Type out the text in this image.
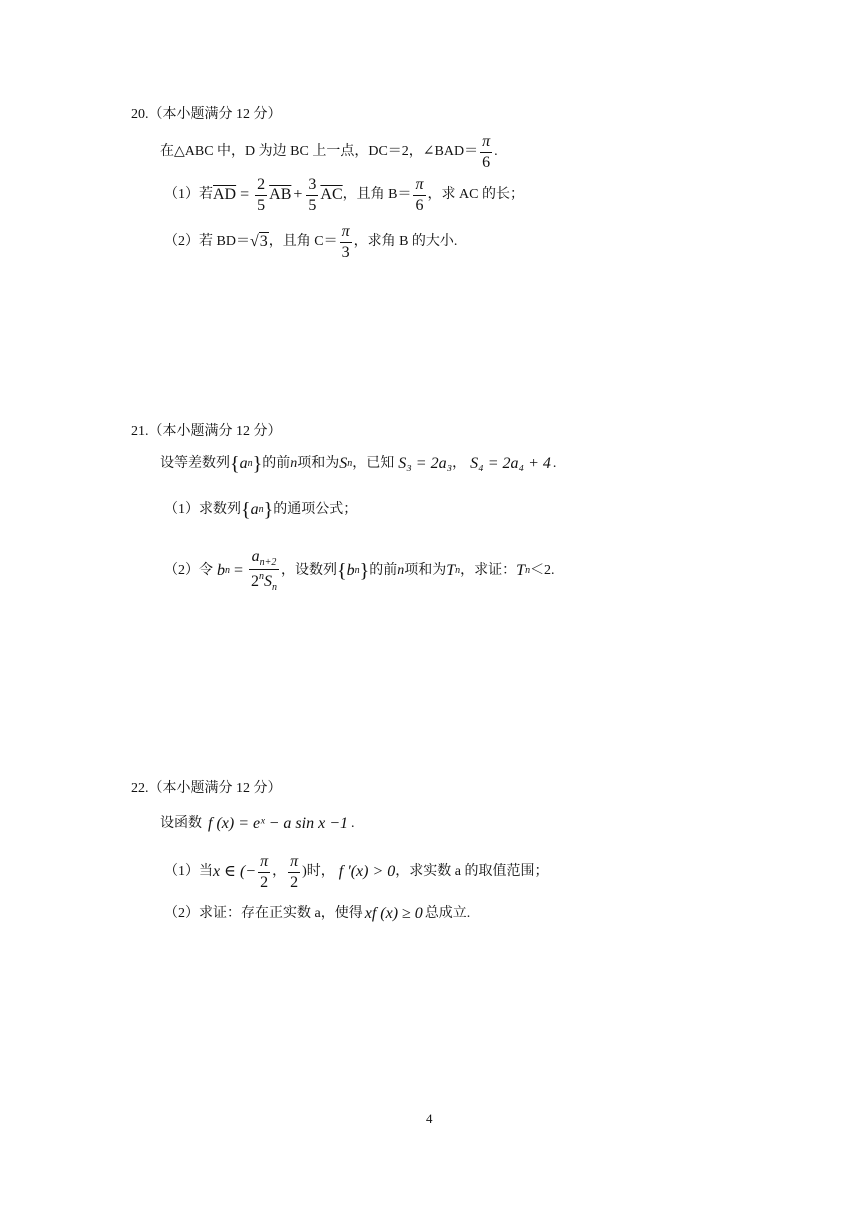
20.（本小题满分 12 分）
在△ABC 中，D 为边 BC 上一点，DC＝2，∠BAD＝ $\frac{\pi}{6}$ .
（1）若 $\overline{AD} = \frac{2}{5} \overline{AB} + \frac{3}{5} \overline{AC}$ ，且角 $B= \frac{\pi}{6}$ ，求 AC 的长；
（2）若 BD＝ √3 ，且角 $C= \frac{\pi}{3}$ ，求角 B 的大小.
21.（本小题满分 12 分）
设等差数列 { a n } 的前 n 项和为 S n ，已知 S₃ = 2a₃ ， S₄ = 2a₄ + 4 .
（1）求数列 { a n } 的通项公式；
（2）令 b $n = \frac{a_{n+2}}{2^nS_n}$ ，设数列 { b n } 的前 n 项和为 T n ，求证： T n ＜2.
22.（本小题满分 12 分）
设函数 f (x) = eˣ − a sin x −1 .
（1）当 x ∈ (− $\frac{\pi}{2}$ ， $\frac{\pi}{2}$ )时， f ′(x) > 0 ，求实数 a 的取值范围；
（2）求证：存在正实数 a，使得 xf (x) ≥ 0 总成立.
4
